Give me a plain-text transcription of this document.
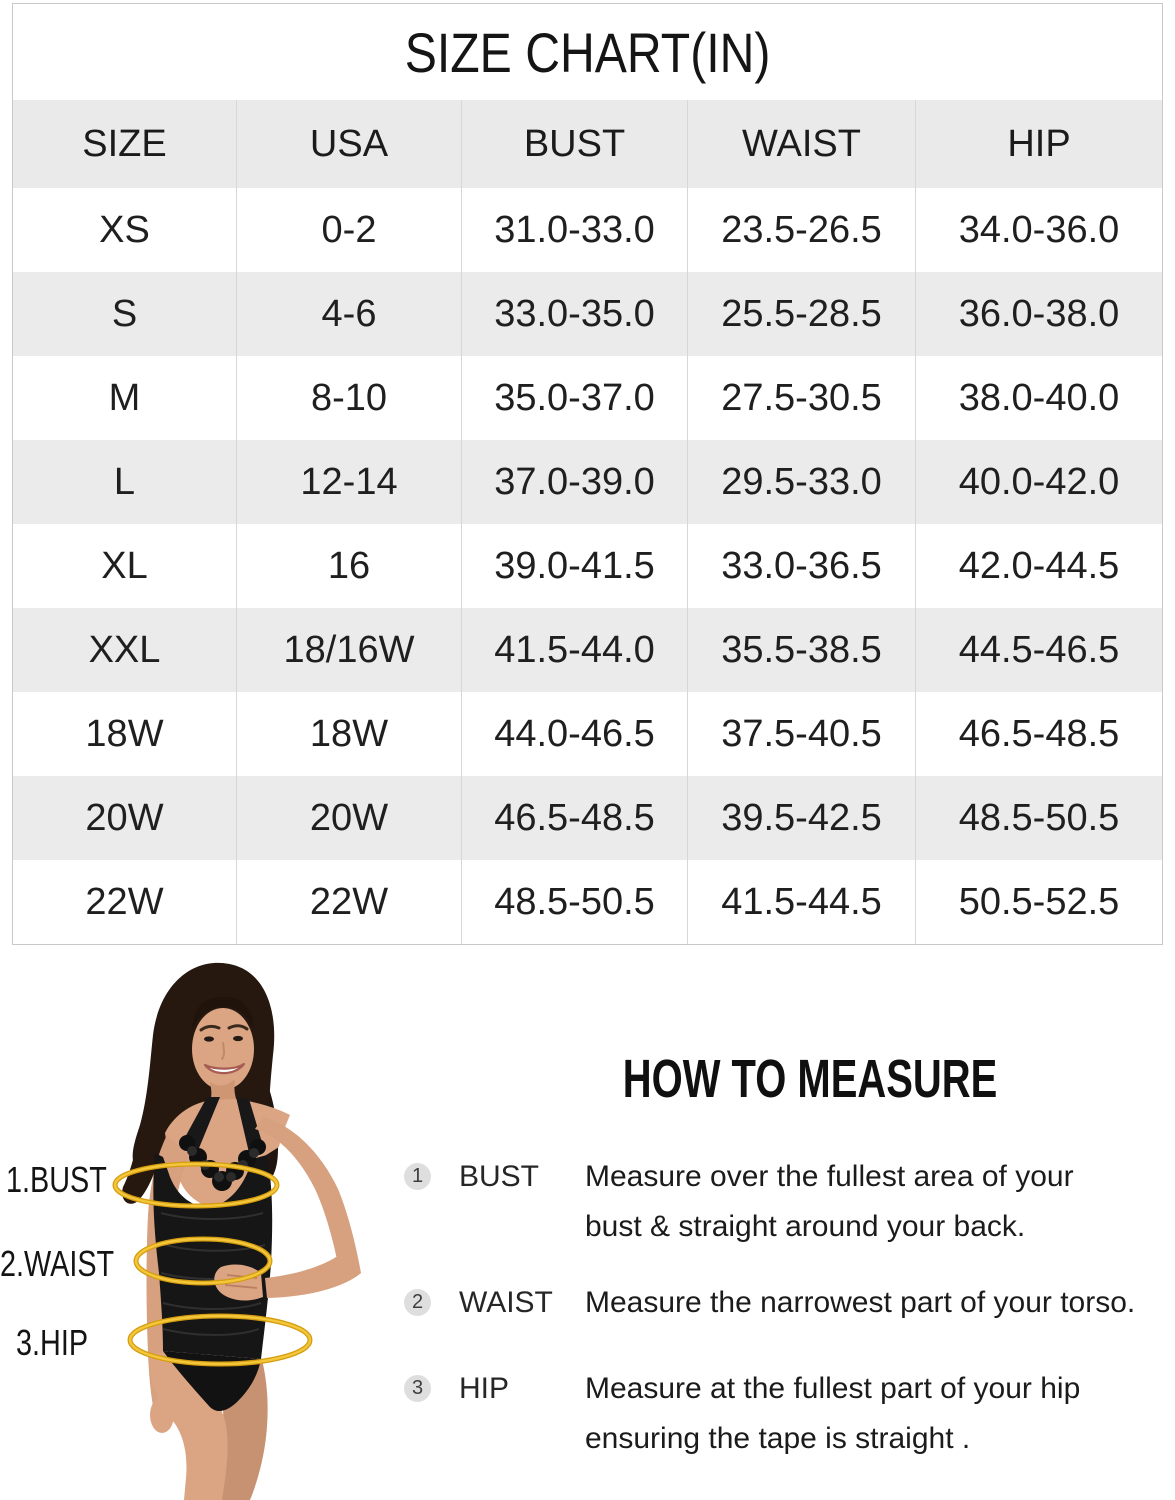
SIZE CHART(IN)
SIZE	USA	BUST	WAIST	HIP
XS	0-2	31.0-33.0	23.5-26.5	34.0-36.0
S	4-6	33.0-35.0	25.5-28.5	36.0-38.0
M	8-10	35.0-37.0	27.5-30.5	38.0-40.0
L	12-14	37.0-39.0	29.5-33.0	40.0-42.0
XL	16	39.0-41.5	33.0-36.5	42.0-44.5
XXL	18/16W	41.5-44.0	35.5-38.5	44.5-46.5
18W	18W	44.0-46.5	37.5-40.5	46.5-48.5
20W	20W	46.5-48.5	39.5-42.5	48.5-50.5
22W	22W	48.5-50.5	41.5-44.5	50.5-52.5
1.BUST
2.WAIST
3.HIP
HOW TO MEASURE
1 BUST	Measure over the fullest area of your
bust & straight around your back.
2 WAIST	Measure the narrowest part of your torso.
3 HIP	Measure at the fullest part of your hip
ensuring the tape is straight .
